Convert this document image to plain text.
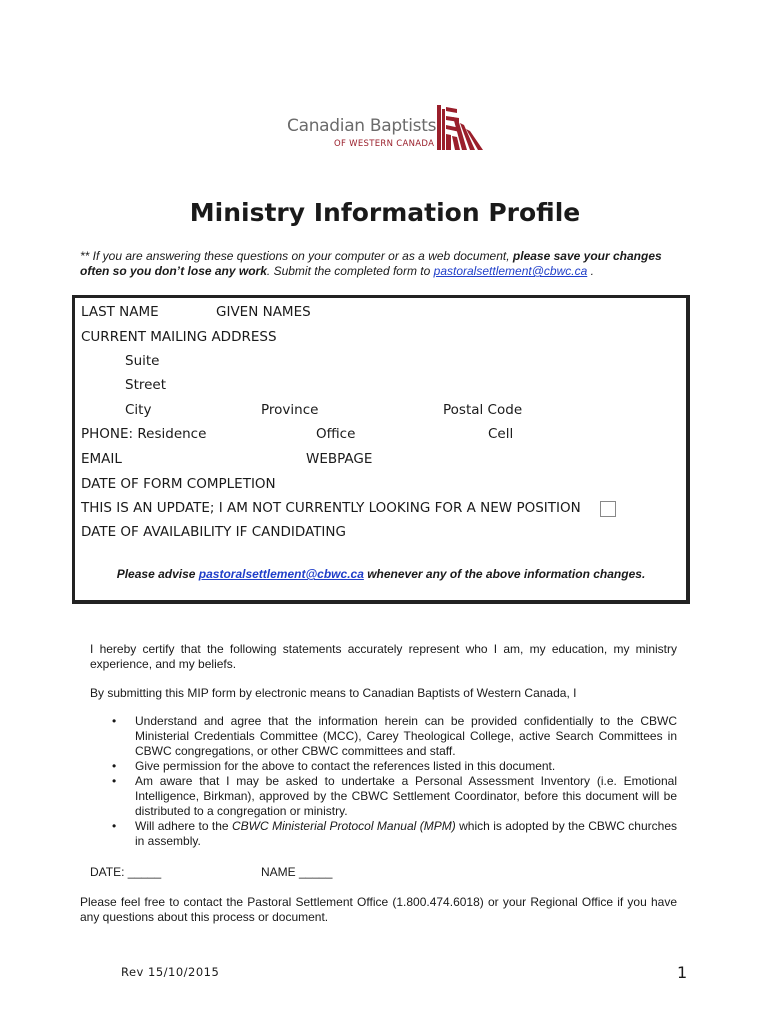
Canadian Baptists
OF WESTERN CANADA
Ministry Information Profile
** If you are answering these questions on your computer or as a web document, please save your changes often so you don’t lose any work. Submit the completed form to pastoralsettlement@cbwc.ca .
LAST NAME	GIVEN NAMES
CURRENT MAILING ADDRESS
Suite
Street
City	Province	Postal Code
PHONE: Residence	Office	Cell
EMAIL	WEBPAGE
DATE OF FORM COMPLETION
THIS IS AN UPDATE; I AM NOT CURRENTLY LOOKING FOR A NEW POSITION
DATE OF AVAILABILITY IF CANDIDATING
Please advise pastoralsettlement@cbwc.ca whenever any of the above information changes.
I hereby certify that the following statements accurately represent who I am, my education, my ministry experience, and my beliefs.
By submitting this MIP form by electronic means to Canadian Baptists of Western Canada, I
• Understand and agree that the information herein can be provided confidentially to the CBWC Ministerial Credentials Committee (MCC), Carey Theological College, active Search Committees in CBWC congregations, or other CBWC committees and staff.
• Give permission for the above to contact the references listed in this document.
• Am aware that I may be asked to undertake a Personal Assessment Inventory (i.e. Emotional Intelligence, Birkman), approved by the CBWC Settlement Coordinator, before this document will be distributed to a congregation or ministry.
• Will adhere to the CBWC Ministerial Protocol Manual (MPM) which is adopted by the CBWC churches in assembly.
DATE: _____	NAME _____
Please feel free to contact the Pastoral Settlement Office (1.800.474.6018) or your Regional Office if you have any questions about this process or document.
Rev 15/10/2015	1
